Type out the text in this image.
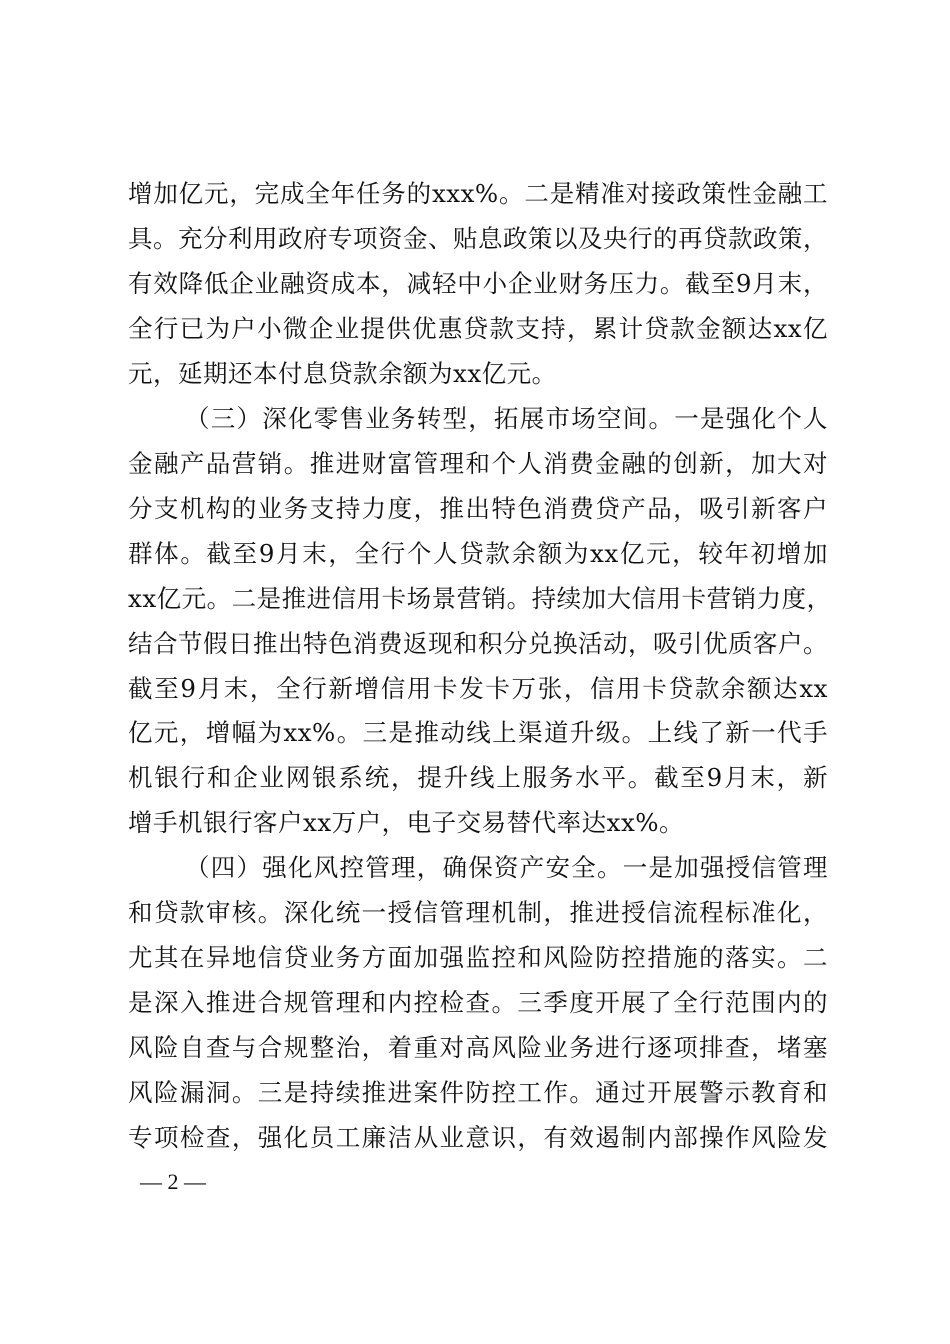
增加亿元，完成全年任务的xxx%。二是精准对接政策性金融工
具。充分利用政府专项资金、贴息政策以及央行的再贷款政策，
有效降低企业融资成本，减轻中小企业财务压力。截至9月末，
全行已为户小微企业提供优惠贷款支持，累计贷款金额达xx亿
元，延期还本付息贷款余额为xx亿元。
（三）深化零售业务转型，拓展市场空间。一是强化个人
金融产品营销。推进财富管理和个人消费金融的创新，加大对
分支机构的业务支持力度，推出特色消费贷产品，吸引新客户
群体。截至9月末，全行个人贷款余额为xx亿元，较年初增加
xx亿元。二是推进信用卡场景营销。持续加大信用卡营销力度，
结合节假日推出特色消费返现和积分兑换活动，吸引优质客户。
截至9月末，全行新增信用卡发卡万张，信用卡贷款余额达xx
亿元，增幅为xx%。三是推动线上渠道升级。上线了新一代手
机银行和企业网银系统，提升线上服务水平。截至9月末，新
增手机银行客户xx万户，电子交易替代率达xx%。
（四）强化风控管理，确保资产安全。一是加强授信管理
和贷款审核。深化统一授信管理机制，推进授信流程标准化，
尤其在异地信贷业务方面加强监控和风险防控措施的落实。二
是深入推进合规管理和内控检查。三季度开展了全行范围内的
风险自查与合规整治，着重对高风险业务进行逐项排查，堵塞
风险漏洞。三是持续推进案件防控工作。通过开展警示教育和
专项检查，强化员工廉洁从业意识，有效遏制内部操作风险发
— 2 —
